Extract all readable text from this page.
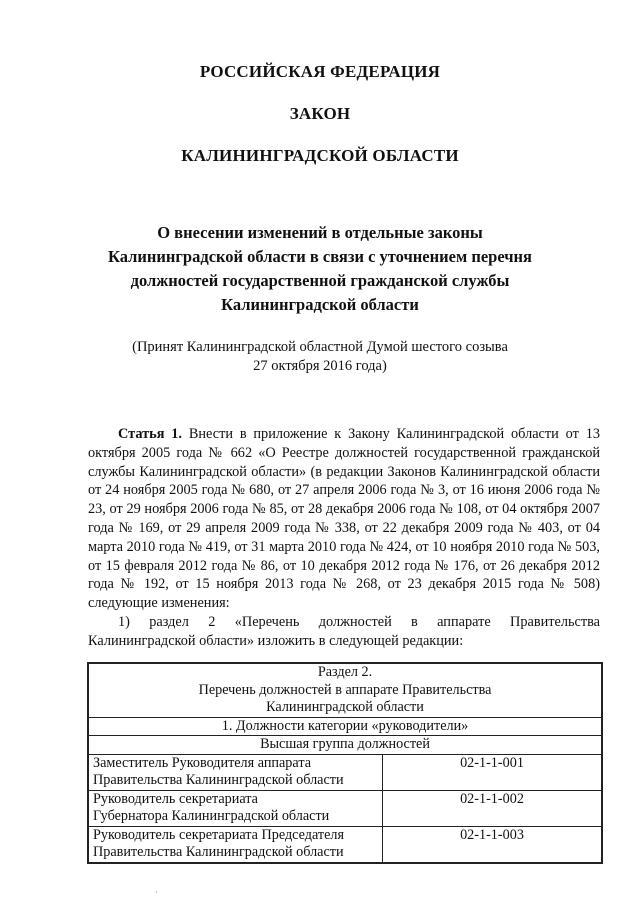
РОССИЙСКАЯ ФЕДЕРАЦИЯ
ЗАКОН
КАЛИНИНГРАДСКОЙ ОБЛАСТИ
О внесении изменений в отдельные законы
Калининградской области в связи с уточнением перечня
должностей государственной гражданской службы
Калининградской области
(Принят Калининградской областной Думой шестого созыва
27 октября 2016 года)

Статья 1. Внести в приложение к Закону Калининградской области от 13 октября 2005 года № 662 «О Реестре должностей государственной гражданской службы Калининградской области» (в редакции Законов Калининградской области от 24 ноября 2005 года № 680, от 27 апреля 2006 года № 3, от 16 июня 2006 года № 23, от 29 ноября 2006 года № 85, от 28 декабря 2006 года № 108, от 04 октября 2007 года № 169, от 29 апреля 2009 года № 338, от 22 декабря 2009 года № 403, от 04 марта 2010 года № 419, от 31 марта 2010 года № 424, от 10 ноября 2010 года № 503, от 15 февраля 2012 года № 86, от 10 декабря 2012 года № 176, от 26 декабря 2012 года № 192, от 15 ноября 2013 года № 268, от 23 декабря 2015 года № 508) следующие изменения:

1) раздел 2 «Перечень должностей в аппарате Правительства Калининградской области» изложить в следующей редакции:

Раздел 2.
Перечень должностей в аппарате Правительства
Калининградской области	

1. Должности категории «руководители»	
Высшая группа должностей	

Заместитель Руководителя аппарата
Правительства Калининградской области	02-1-1-001

Руководитель секретариата
Губернатора Калининградской области	02-1-1-002

Руководитель секретариата Председателя
Правительства Калининградской области	02-1-1-003
·
